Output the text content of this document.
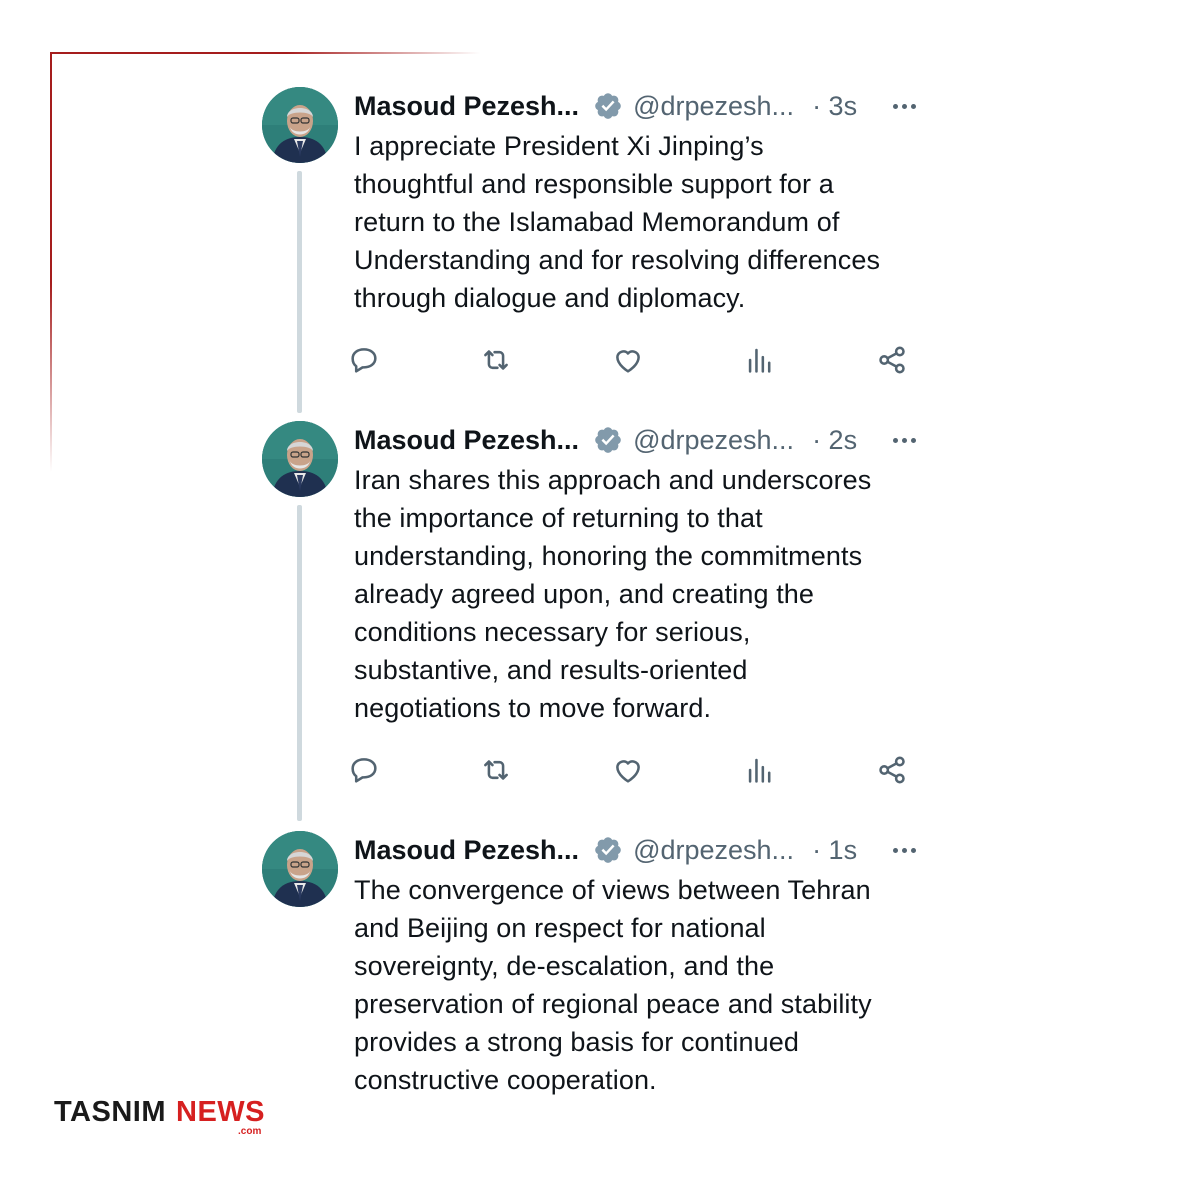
Masoud Pezesh... @drpezesh... · 3s
I appreciate President Xi Jinping’s
thoughtful and responsible support for a
return to the Islamabad Memorandum of
Understanding and for resolving differences
through dialogue and diplomacy.
Masoud Pezesh... @drpezesh... · 2s
Iran shares this approach and underscores
the importance of returning to that
understanding, honoring the commitments
already agreed upon, and creating the
conditions necessary for serious,
substantive, and results-oriented
negotiations to move forward.
Masoud Pezesh... @drpezesh... · 1s
The convergence of views between Tehran
and Beijing on respect for national
sovereignty, de-escalation, and the
preservation of regional peace and stability
provides a strong basis for continued
constructive cooperation.
TASNIM NEWS
.com
